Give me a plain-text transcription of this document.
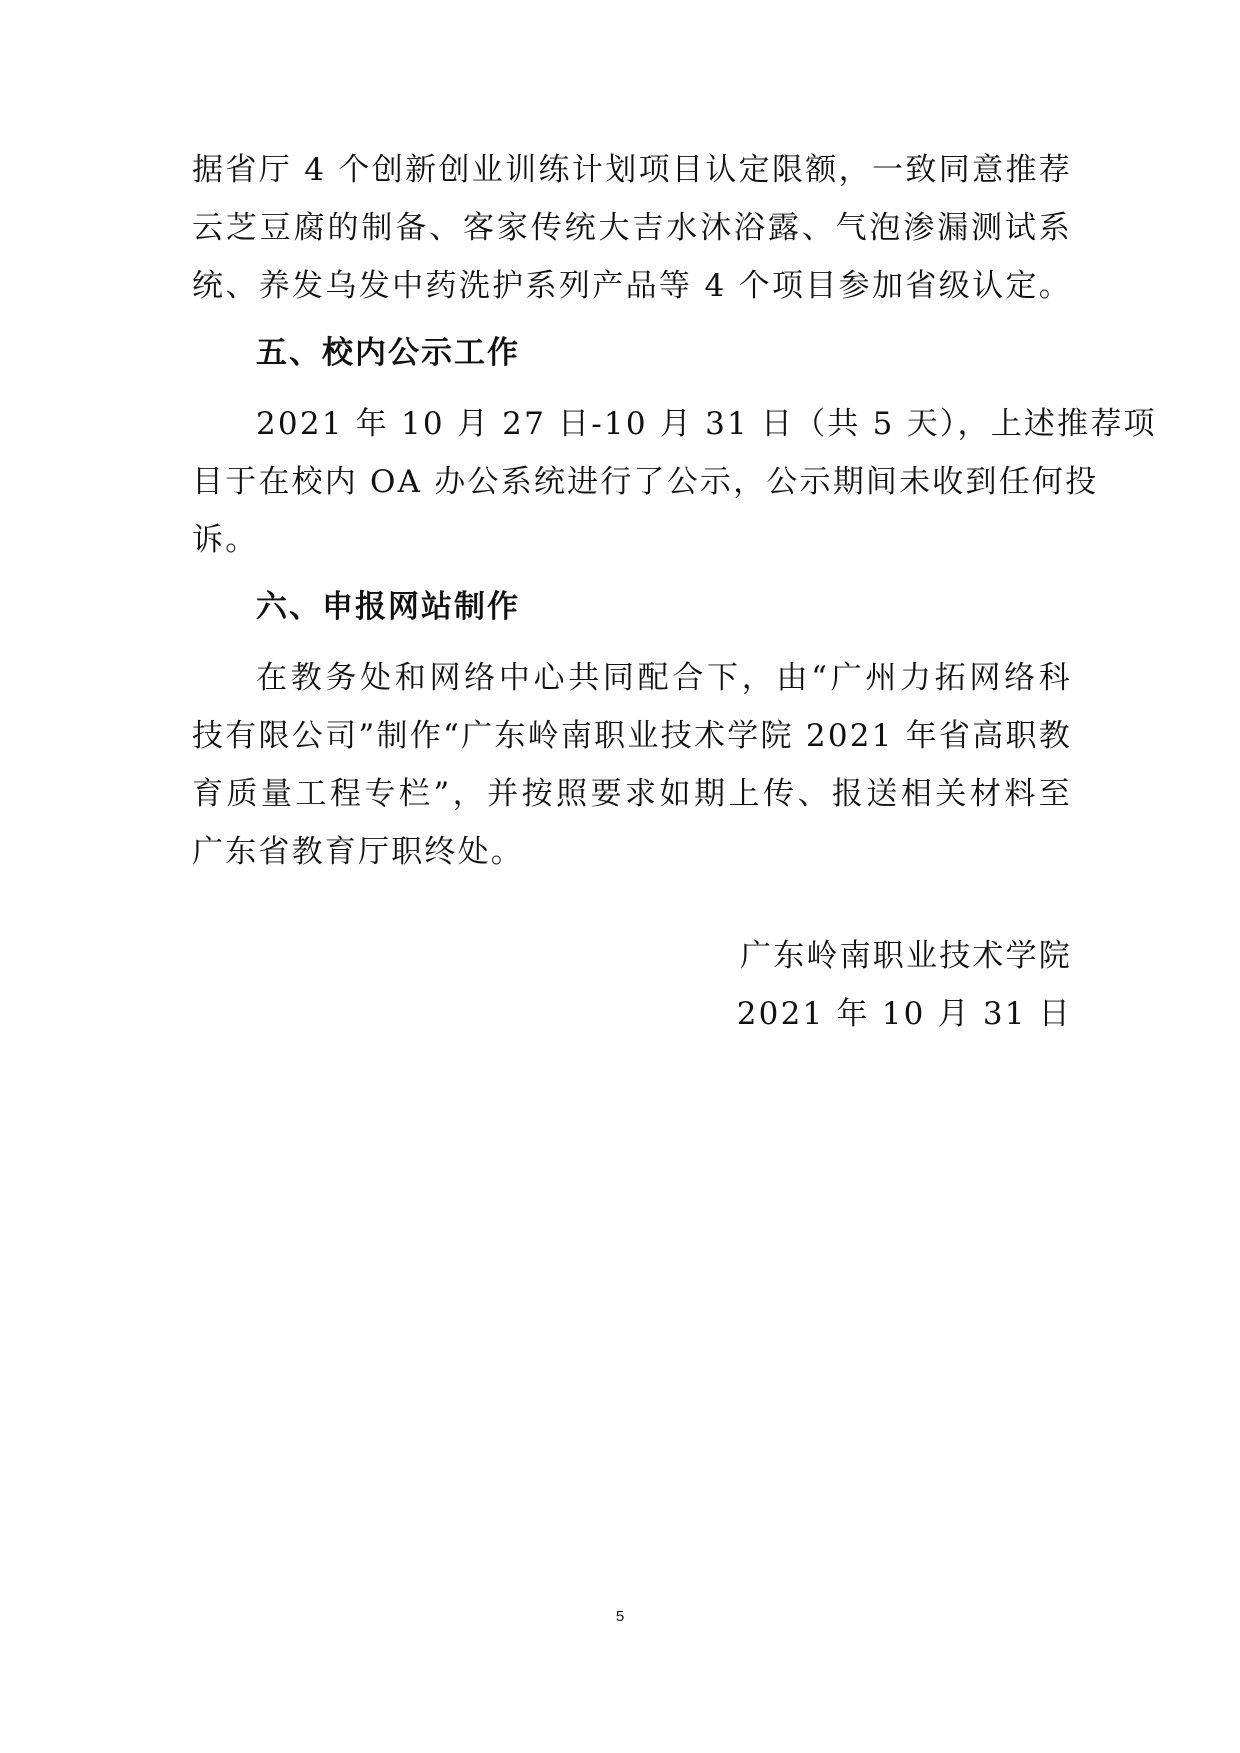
据省厅 4 个创新创业训练计划项目认定限额，一致同意推荐
云芝豆腐的制备、客家传统大吉水沐浴露、气泡渗漏测试系
统、养发乌发中药洗护系列产品等 4 个项目参加省级认定。
五、校内公示工作
2021 年 10 月 27 日-10 月 31 日（共 5 天），上述推荐项
目于在校内 OA 办公系统进行了公示，公示期间未收到任何投
诉。
六、申报网站制作
在教务处和网络中心共同配合下，由“广州力拓网络科
技有限公司”制作“广东岭南职业技术学院 2021 年省高职教
育质量工程专栏”，并按照要求如期上传、报送相关材料至
广东省教育厅职终处。
广东岭南职业技术学院
2021 年 10 月 31 日
5
